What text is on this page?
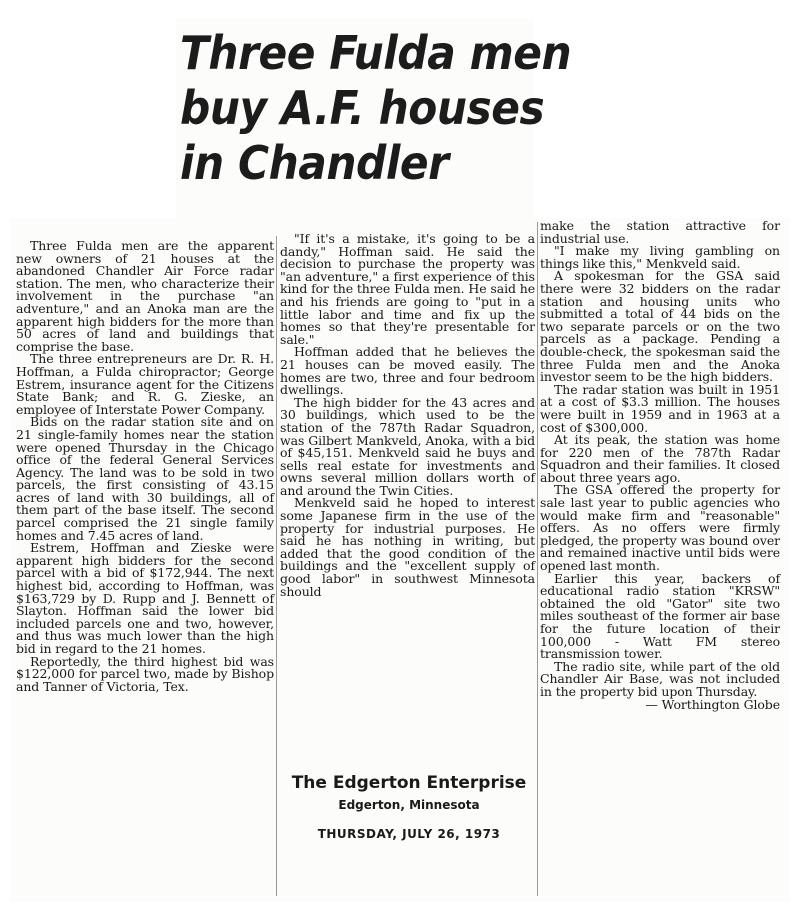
Three Fulda men
buy A.F. houses
in Chandler

Three Fulda men are the apparent new owners of 21 houses at the abandoned Chandler Air Force radar station. The men, who characterize their involvement in the purchase "an adventure," and an Anoka man are the apparent high bidders for the more than 50 acres of land and buildings that comprise the base.

The three entrepreneurs are Dr. R. H. Hoffman, a Fulda chiropractor; George Estrem, insurance agent for the Citizens State Bank; and R. G. Zieske, an employee of Interstate Power Company.

Bids on the radar station site and on 21 single-family homes near the station were opened Thursday in the Chicago office of the federal General Services Agency. The land was to be sold in two parcels, the first consisting of 43.15 acres of land with 30 buildings, all of them part of the base itself. The second parcel comprised the 21 single family homes and 7.45 acres of land.

Estrem, Hoffman and Zieske were apparent high bidders for the second parcel with a bid of $172,944. The next highest bid, according to Hoffman, was $163,729 by D. Rupp and J. Bennett of Slayton. Hoffman said the lower bid included parcels one and two, however, and thus was much lower than the high bid in regard to the 21 homes.

Reportedly, the third highest bid was $122,000 for parcel two, made by Bishop and Tanner of Victoria, Tex.

"If it's a mistake, it's going to be a dandy," Hoffman said. He said the decision to purchase the property was "an adventure," a first experience of this kind for the three Fulda men. He said he and his friends are going to "put in a little labor and time and fix up the homes so that they're presentable for sale."

Hoffman added that he believes the 21 houses can be moved easily. The homes are two, three and four bedroom dwellings.

The high bidder for the 43 acres and 30 buildings, which used to be the station of the 787th Radar Squadron, was Gilbert Mankveld, Anoka, with a bid of $45,151. Menkveld said he buys and sells real estate for investments and owns several million dollars worth of and around the Twin Cities.

Menkveld said he hoped to interest some Japanese firm in the use of the property for industrial purposes. He said he has nothing in writing, but added that the good condition of the buildings and the "excellent supply of good labor" in southwest Minnesota should

The Edgerton Enterprise
Edgerton, Minnesota
THURSDAY, JULY 26, 1973

make the station attractive for industrial use.

"I make my living gambling on things like this," Menkveld said.

A spokesman for the GSA said there were 32 bidders on the radar station and housing units who submitted a total of 44 bids on the two separate parcels or on the two parcels as a package. Pending a double-check, the spokesman said the three Fulda men and the Anoka investor seem to be the high bidders.

The radar station was built in 1951 at a cost of $3.3 million. The houses were built in 1959 and in 1963 at a cost of $300,000.

At its peak, the station was home for 220 men of the 787th Radar Squadron and their families. It closed about three years ago.

The GSA offered the property for sale last year to public agencies who would make firm and "reasonable" offers. As no offers were firmly pledged, the property was bound over and remained inactive until bids were opened last month.

Earlier this year, backers of educational radio station "KRSW" obtained the old "Gator" site two miles southeast of the former air base for the future location of their 100,000 - Watt FM stereo transmission tower.

The radio site, while part of the old Chandler Air Base, was not included in the property bid upon Thursday.

— Worthington Globe
